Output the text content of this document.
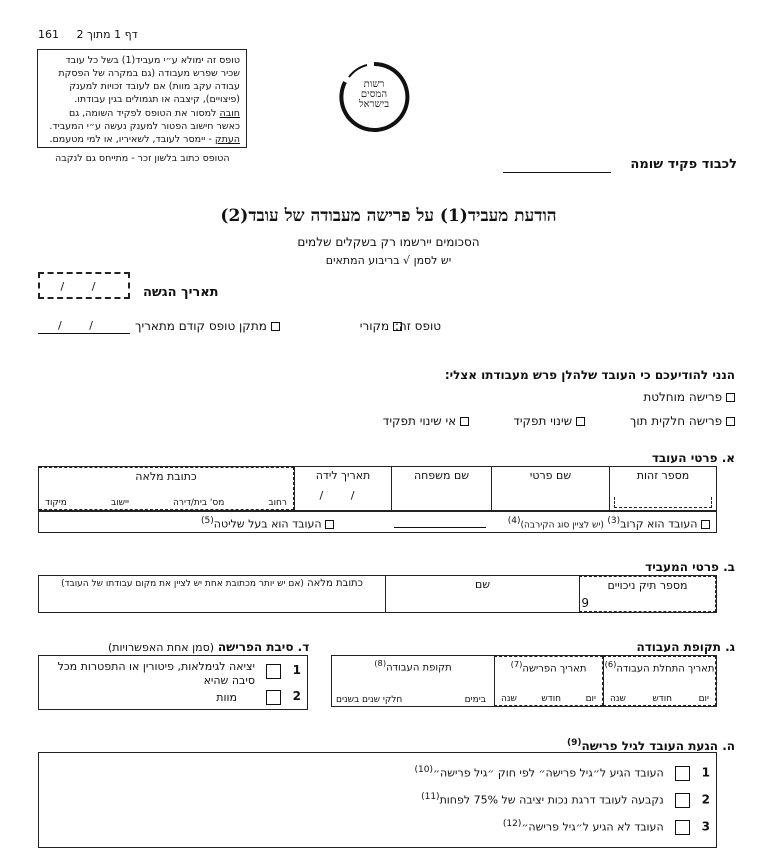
דף 1 מתוך 2 161
טופס זה ימולא ע״י מעביד(1) בשל כל עובד שכיר שפרש מעבודה (גם במקרה של הפסקת עבודה עקב מוות) אם לעובד זכויות למענק (פיצויים), קיצבה או תגמולים בגין עבודתו.
חובה למסור את הטופס לפקיד השומה, גם כאשר חישוב הפטור למענק נעשה ע״י המעביד.
העתק - יימסר לעובד, לשאיריו, או למי מטעמם.
הטופס כתוב בלשון זכר - מתייחס גם לנקבה
רשות
המסים
בישראל
לכבוד פקיד שומה
הודעת מעביד(1) על פרישה מעבודה של עובד(2)
הסכומים יירשמו רק בשקלים שלמים
יש לסמן √ בריבוע המתאים
תאריך הגשה
/ /
טופס זה:
מקורי
מתקן טופס קודם מתאריך
/ /
הנני להודיעכם כי העובד שלהלן פרש מעבודתו אצלי:
פרישה מוחלטת
פרישה חלקית תוך
שינוי תפקיד
אי שינוי תפקיד
א. פרטי העובד
מספר זהות
שם פרטי
שם משפחה
תאריך לידה
/ /
כתובת מלאה
רחוב
מס' בית/דירה
יישוב
מיקוד
העובד הוא קרוב$^{(3)}$ (יש לציין סוג הקירבה)$^{(4)}$
העובד הוא בעל שליטה$^{(5)}$
ב. פרטי המעביד
מספר תיק ניכויים
9
שם
כתובת מלאה (אם יש יותר מכתובת אחת יש לציין את מקום עבודתו של העובד)
ג. תקופת העבודה
תאריך התחלת העבודה$^{(6)}$
יום
חודש
שנה
תאריך הפרישה$^{(7)}$
יום
חודש
שנה
תקופת העבודה$^{(8)}$
בימים
חלקי שנים בשנים
ד. סיבת הפרישה (סמן אחת האפשרויות)
1
יציאה לגימלאות, פיטורין או התפטרות מכל סיבה שהיא
2
מוות
ה. הגעת העובד לגיל פרישה$^{(9)}$
1  העובד הגיע ל״גיל פרישה״ לפי חוק ״גיל פרישה״$^{(10)}$
2  נקבעה לעובד דרגת נכות יציבה של 75% לפחות$^{(11)}$
3  העובד לא הגיע ל״גיל פרישה״$^{(12)}$
